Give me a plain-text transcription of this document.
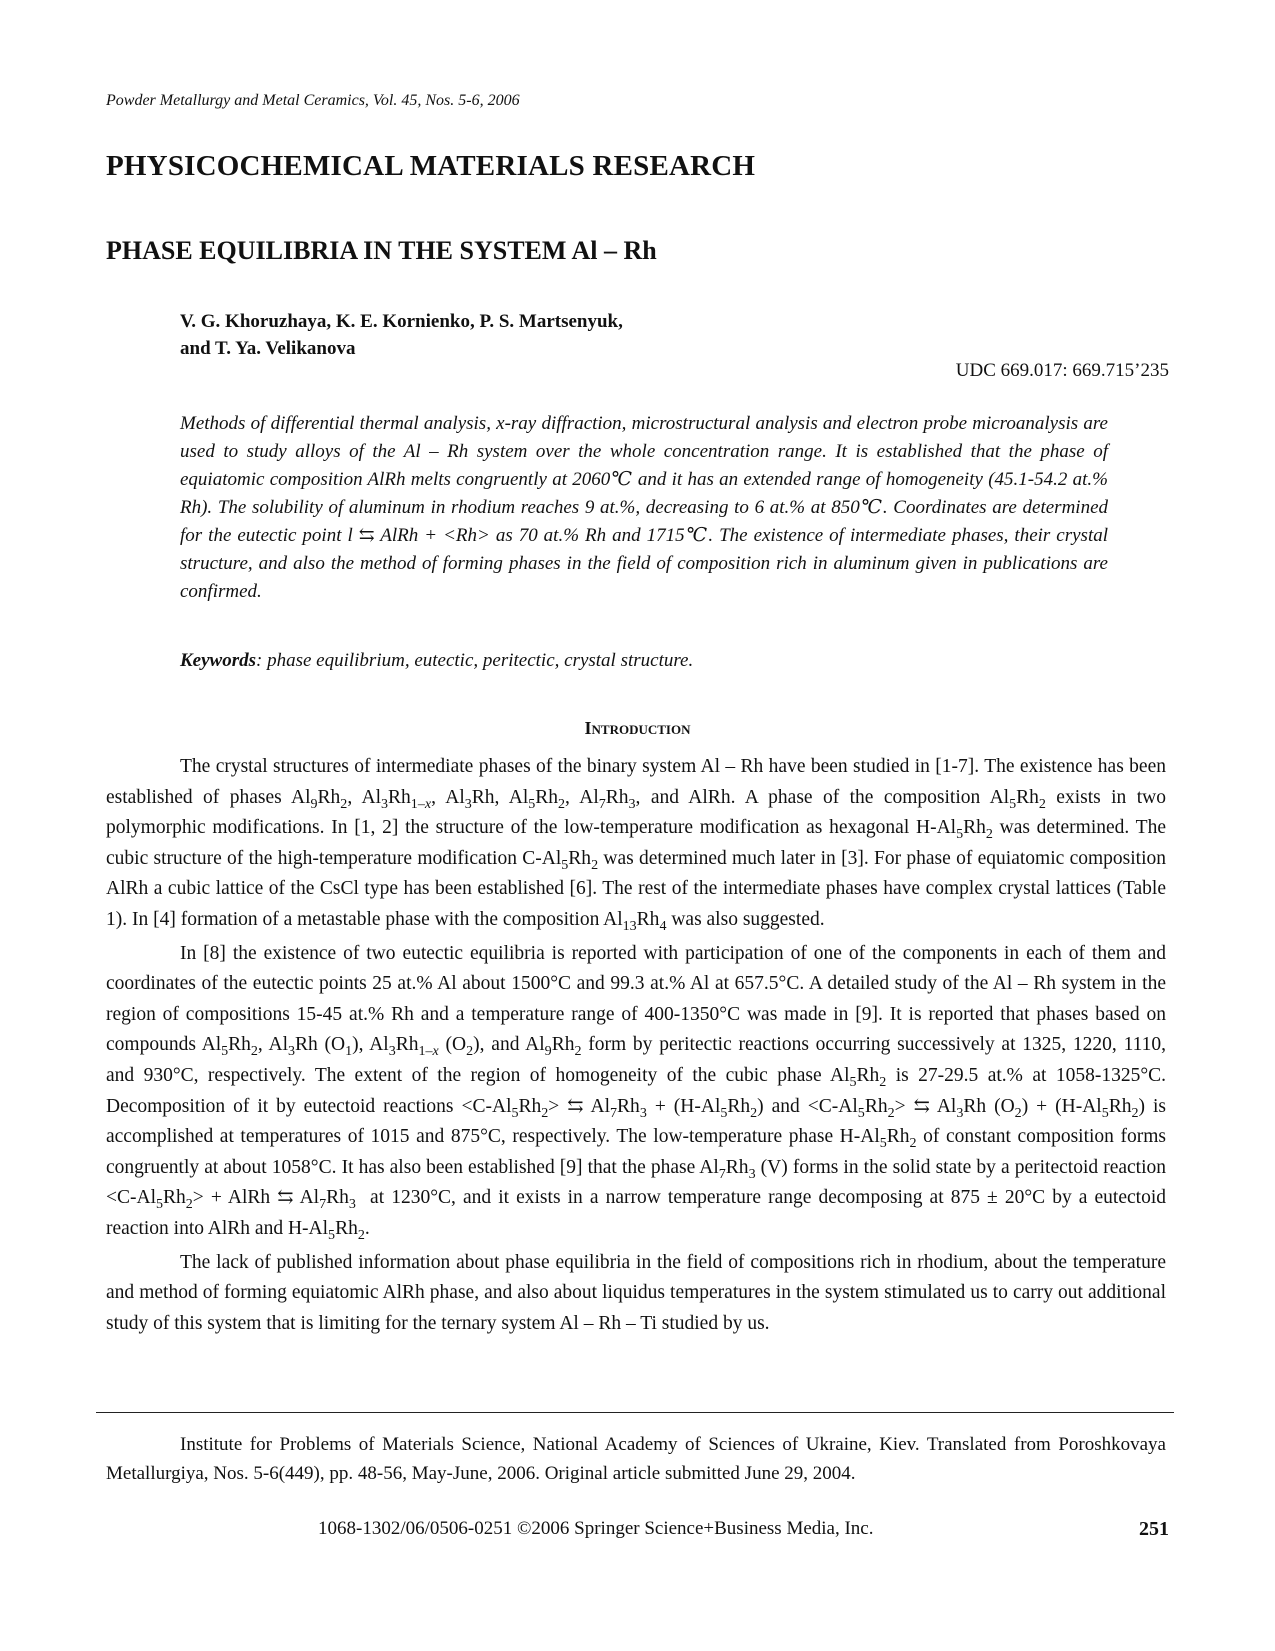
Powder Metallurgy and Metal Ceramics, Vol. 45, Nos. 5-6, 2006
PHYSICOCHEMICAL MATERIALS RESEARCH
PHASE EQUILIBRIA IN THE SYSTEM Al – Rh
V. G. Khoruzhaya, K. E. Kornienko, P. S. Martsenyuk,
and T. Ya. Velikanova
UDC 669.017: 669.715’235
Methods of differential thermal analysis, x-ray diffraction, microstructural analysis and electron probe microanalysis are used to study alloys of the Al – Rh system over the whole concentration range. It is established that the phase of equiatomic composition AlRh melts congruently at 2060℃ and it has an extended range of homogeneity (45.1-54.2 at.% Rh). The solubility of aluminum in rhodium reaches 9 at.%, decreasing to 6 at.% at 850℃. Coordinates are determined for the eutectic point l ⇆ AlRh + <Rh> as 70 at.% Rh and 1715℃. The existence of intermediate phases, their crystal structure, and also the method of forming phases in the field of composition rich in aluminum given in publications are confirmed.
Keywords: phase equilibrium, eutectic, peritectic, crystal structure.
Introduction

The crystal structures of intermediate phases of the binary system Al – Rh have been studied in [1-7]. The existence has been established of phases $Al_9Rh_2$, $Al_3Rh_{1-x}$, $Al_3Rh$, $Al_5Rh_2$, $Al_7Rh_3$, and AlRh. A phase of the composition $Al_5Rh_2$ exists in two polymorphic modifications. In [1, 2] the structure of the low-temperature modification as hexagonal $H-Al_5Rh_2$ was determined. The cubic structure of the high-temperature modification $C-Al_5Rh_2$ was determined much later in [3]. For phase of equiatomic composition AlRh a cubic lattice of the CsCl type has been established [6]. The rest of the intermediate phases have complex crystal lattices (Table 1). In [4] formation of a metastable phase with the composition $Al_{13}Rh_4$ was also suggested.

In [8] the existence of two eutectic equilibria is reported with participation of one of the components in each of them and coordinates of the eutectic points 25 at.% Al about 1500°C and 99.3 at.% Al at 657.5°C. A detailed study of the Al – Rh system in the region of compositions 15-45 at.% Rh and a temperature range of 400-1350°C was made in [9]. It is reported that phases based on compounds $Al_5Rh_2$, $Al_3Rh$ $(O_1)$, $Al_3Rh_{1-x}$ $(O_2)$, and $Al_9Rh_2$ form by peritectic reactions occurring successively at 1325, 1220, 1110, and 930°C, respectively. The extent of the region of homogeneity of the cubic phase $Al_5Rh_2$ is 27-29.5 at.% at 1058-1325°C. Decomposition of it by eutectoid reactions $<C-Al_5Rh_2>$ ⇆ $Al_7Rh_3 + (H-Al_5Rh_2)$ and $<C-Al_5Rh_2>$ ⇆ $Al_3Rh$ $(O_2) + (H-Al_5Rh_2)$ is accomplished at temperatures of 1015 and 875°C, respectively. The low-temperature phase $H-Al_5Rh_2$ of constant composition forms congruently at about 1058°C. It has also been established [9] that the phase $Al_7Rh_3$ (V) forms in the solid state by a peritectoid reaction $<C-Al_5Rh_2>$ + AlRh ⇆ $Al_7Rh_3$  at 1230°C, and it exists in a narrow temperature range decomposing at 875 ± 20°C by a eutectoid reaction into AlRh and $H-Al_5Rh_2$.

The lack of published information about phase equilibria in the field of compositions rich in rhodium, about the temperature and method of forming equiatomic AlRh phase, and also about liquidus temperatures in the system stimulated us to carry out additional study of this system that is limiting for the ternary system Al – Rh – Ti studied by us.

Institute for Problems of Materials Science, National Academy of Sciences of Ukraine, Kiev. Translated from Poroshkovaya Metallurgiya, Nos. 5-6(449), pp. 48-56, May-June, 2006. Original article submitted June 29, 2004.

1068-1302/06/0506-0251 ©2006 Springer Science+Business Media, Inc.	251
